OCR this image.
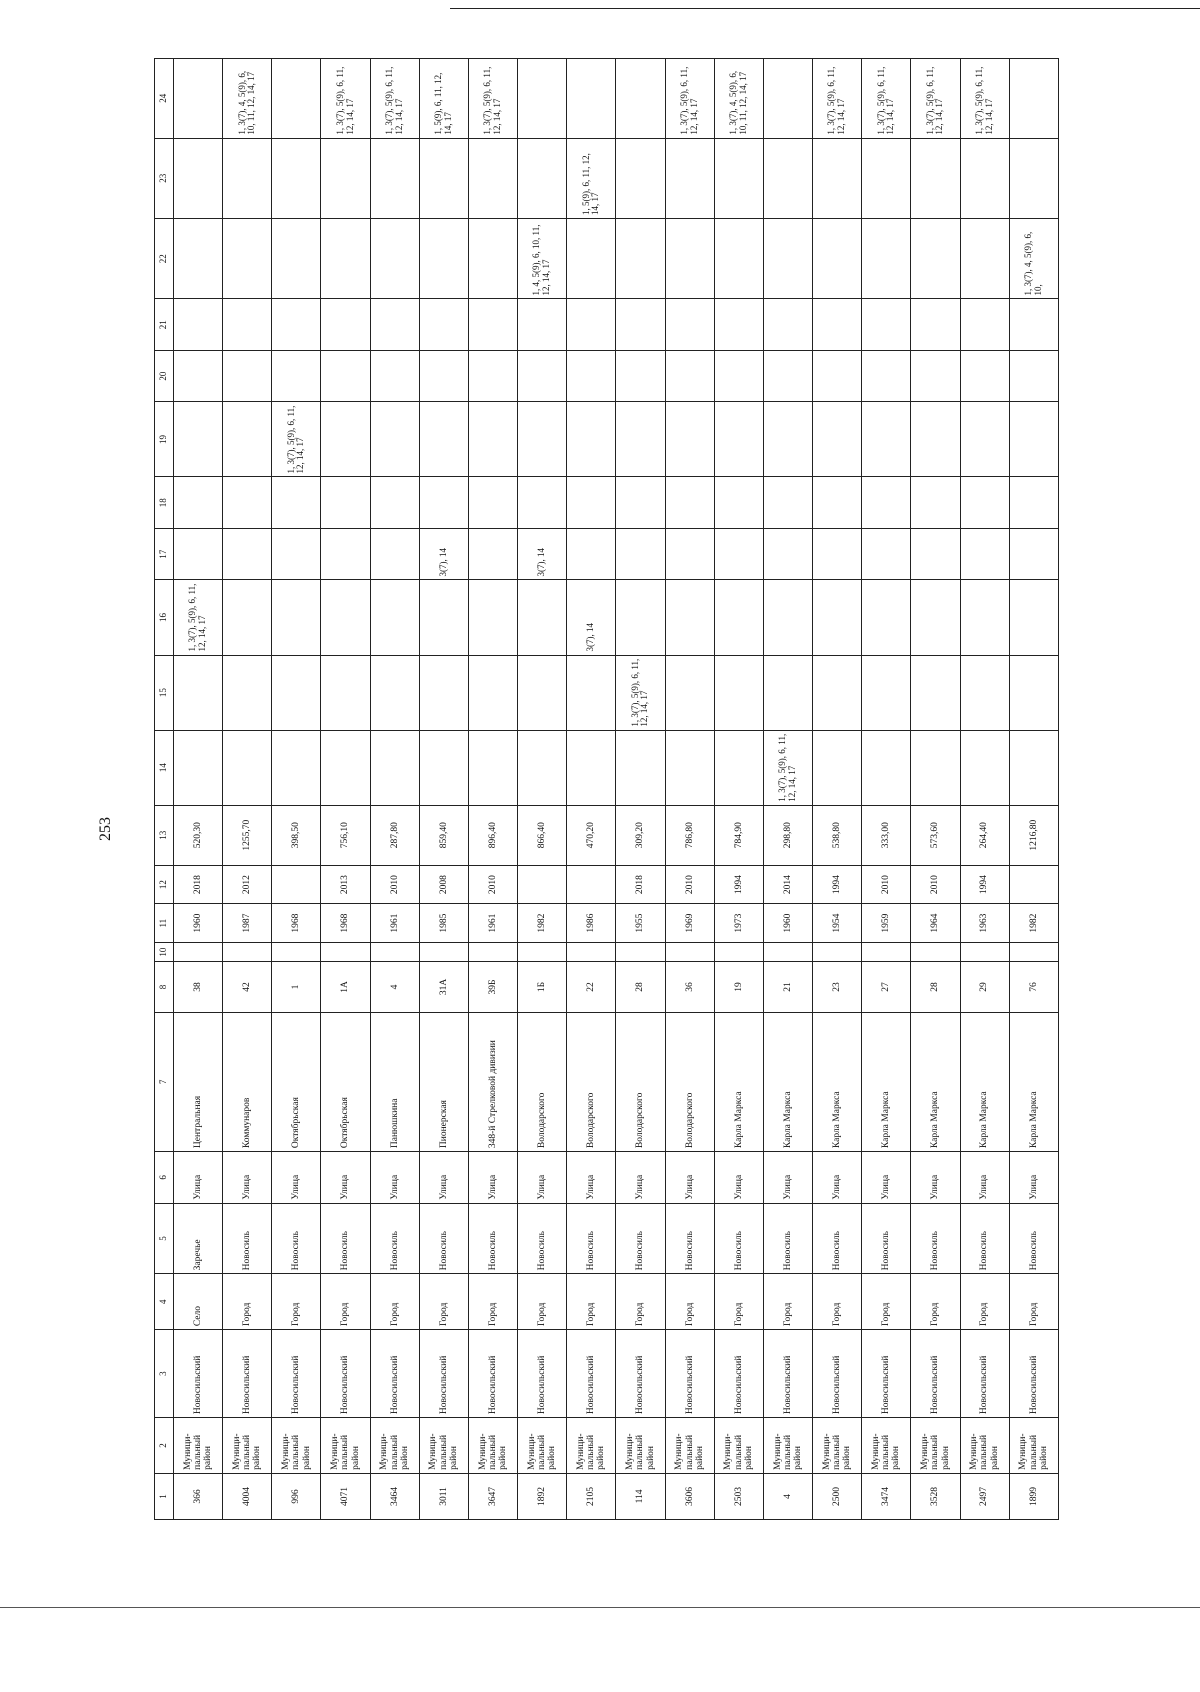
253
1	2	3	4	5	6	7	8	10	11	12	13	14	15	16	17	18	19	20	21	22	23	24
366	Муници-пальный район	Новосильский	Село	Заречье	Улица	Центральная	38		1960	2018	520,30			1, 3(7), 5(9), 6, 11, 12, 14, 17								
4004	Муници-пальный район	Новосильский	Город	Новосиль	Улица	Коммунаров	42		1987	2012	1255,70											1, 3(7), 4, 5(9), 6, 10, 11, 12, 14, 17
996	Муници-пальный район	Новосильский	Город	Новосиль	Улица	Октябрьская	1		1968		398,50						1, 3(7), 5(9), 6, 11, 12, 14, 17					
4071	Муници-пальный район	Новосильский	Город	Новосиль	Улица	Октябрьская	1А		1968	2013	756,10											1, 3(7), 5(9), 6, 11, 12, 14, 17
3464	Муници-пальный район	Новосильский	Город	Новосиль	Улица	Панюшкина	4		1961	2010	287,80											1, 3(7), 5(9), 6, 11, 12, 14, 17
3011	Муници-пальный район	Новосильский	Город	Новосиль	Улица	Пионерская	31А		1985	2008	859,40				3(7), 14							1, 5(9), 6, 11, 12, 14, 17
3647	Муници-пальный район	Новосильский	Город	Новосиль	Улица	348-й Стрелковой дивизии	39Б		1961	2010	896,40											1, 3(7), 5(9), 6, 11, 12, 14, 17
1892	Муници-пальный район	Новосильский	Город	Новосиль	Улица	Володарского	1Б		1982		866,40				3(7), 14					1, 4, 5(9), 6, 10, 11, 12, 14, 17		
2105	Муници-пальный район	Новосильский	Город	Новосиль	Улица	Володарского	22		1986		470,20			3(7), 14							1, 5(9), 6, 11, 12, 14, 17	
114	Муници-пальный район	Новосильский	Город	Новосиль	Улица	Володарского	28		1955	2018	309,20		1, 3(7), 5(9), 6, 11, 12, 14, 17									
3606	Муници-пальный район	Новосильский	Город	Новосиль	Улица	Володарского	36		1969	2010	786,80											1, 3(7), 5(9), 6, 11, 12, 14, 17
2503	Муници-пальный район	Новосильский	Город	Новосиль	Улица	Карла Маркса	19		1973	1994	784,90											1, 3(7), 4, 5(9), 6, 10, 11, 12, 14, 17
4	Муници-пальный район	Новосильский	Город	Новосиль	Улица	Карла Маркса	21		1960	2014	298,80	1, 3(7), 5(9), 6, 11, 12, 14, 17										
2500	Муници-пальный район	Новосильский	Город	Новосиль	Улица	Карла Маркса	23		1954	1994	538,80											1, 3(7), 5(9), 6, 11, 12, 14, 17
3474	Муници-пальный район	Новосильский	Город	Новосиль	Улица	Карла Маркса	27		1959	2010	333,00											1, 3(7), 5(9), 6, 11, 12, 14, 17
3528	Муници-пальный район	Новосильский	Город	Новосиль	Улица	Карла Маркса	28		1964	2010	573,60											1, 3(7), 5(9), 6, 11, 12, 14, 17
2497	Муници-пальный район	Новосильский	Город	Новосиль	Улица	Карла Маркса	29		1963	1994	264,40											1, 3(7), 5(9), 6, 11, 12, 14, 17
1899	Муници-пальный район	Новосильский	Город	Новосиль	Улица	Карла Маркса	76		1982		1216,80									1, 3(7), 4, 5(9), 6, 10,		
